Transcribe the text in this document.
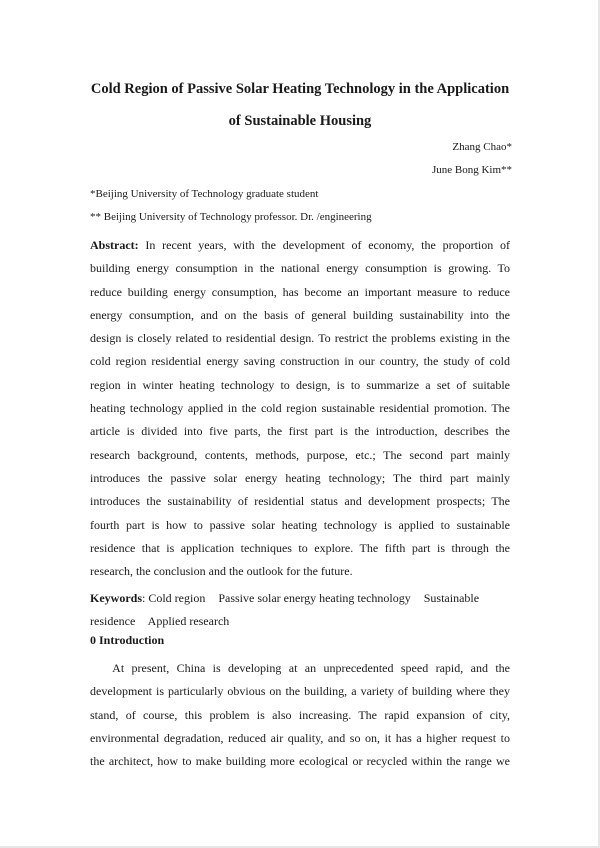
Cold Region of Passive Solar Heating Technology in the Application
of Sustainable Housing
Zhang Chao*
June Bong Kim**
*Beijing University of Technology graduate student
** Beijing University of Technology professor. Dr. /engineering
Abstract: In recent years, with the development of economy, the proportion of
building energy consumption in the national energy consumption is growing. To
reduce building energy consumption, has become an important measure to reduce
energy consumption, and on the basis of general building sustainability into the
design is closely related to residential design. To restrict the problems existing in the
cold region residential energy saving construction in our country, the study of cold
region in winter heating technology to design, is to summarize a set of suitable
heating technology applied in the cold region sustainable residential promotion. The
article is divided into five parts, the first part is the introduction, describes the
research background, contents, methods, purpose, etc.; The second part mainly
introduces the passive solar energy heating technology; The third part mainly
introduces the sustainability of residential status and development prospects; The
fourth part is how to passive solar heating technology is applied to sustainable
residence that is application techniques to explore. The fifth part is through the
research, the conclusion and the outlook for the future.
Keywords: Cold region Passive solar energy heating technology Sustainable
residence Applied research
0 Introduction
At present, China is developing at an unprecedented speed rapid, and the
development is particularly obvious on the building, a variety of building where they
stand, of course, this problem is also increasing. The rapid expansion of city,
environmental degradation, reduced air quality, and so on, it has a higher request to
the architect, how to make building more ecological or recycled within the range we
